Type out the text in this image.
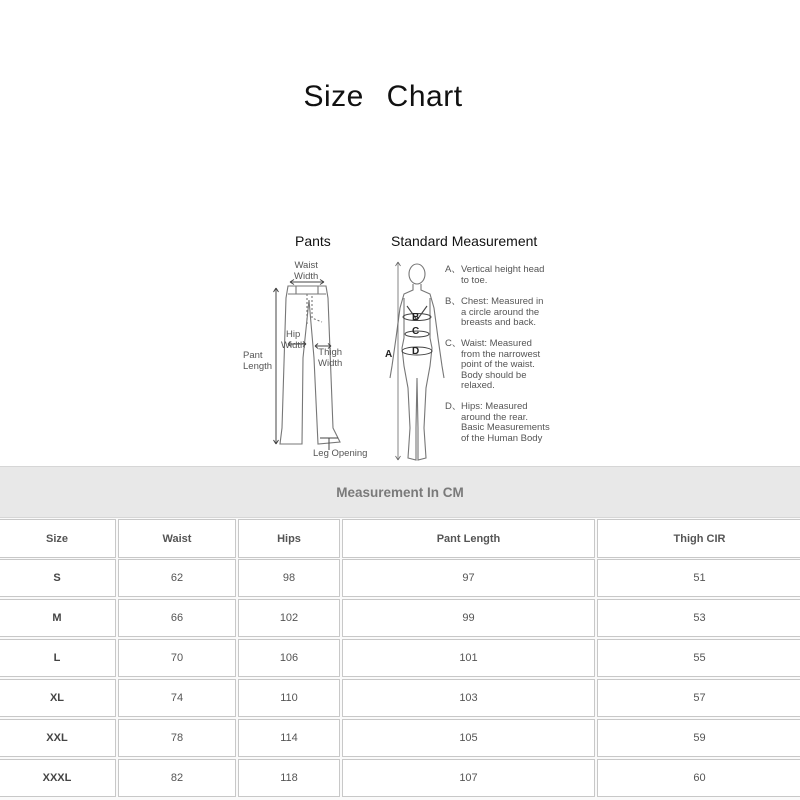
Size Chart
Pants	Standard Measurement
Waist
Width
Hip
Width
Thigh
Width
Pant
Length
Leg Opening
A
B
C
D
A、 Vertical height head
to toe.
B、 Chest: Measured in
a circle around the
breasts and back.
C、 Waist: Measured
from the narrowest
point of the waist.
Body should be
relaxed.
D、 Hips: Measured
around the rear.
Basic Measurements
of the Human Body
Measurement In CM
Size	Waist	Hips	Pant Length	Thigh CIR
S	62	98	97	51
M	66	102	99	53
L	70	106	101	55
XL	74	110	103	57
XXL	78	114	105	59
XXXL	82	118	107	60
